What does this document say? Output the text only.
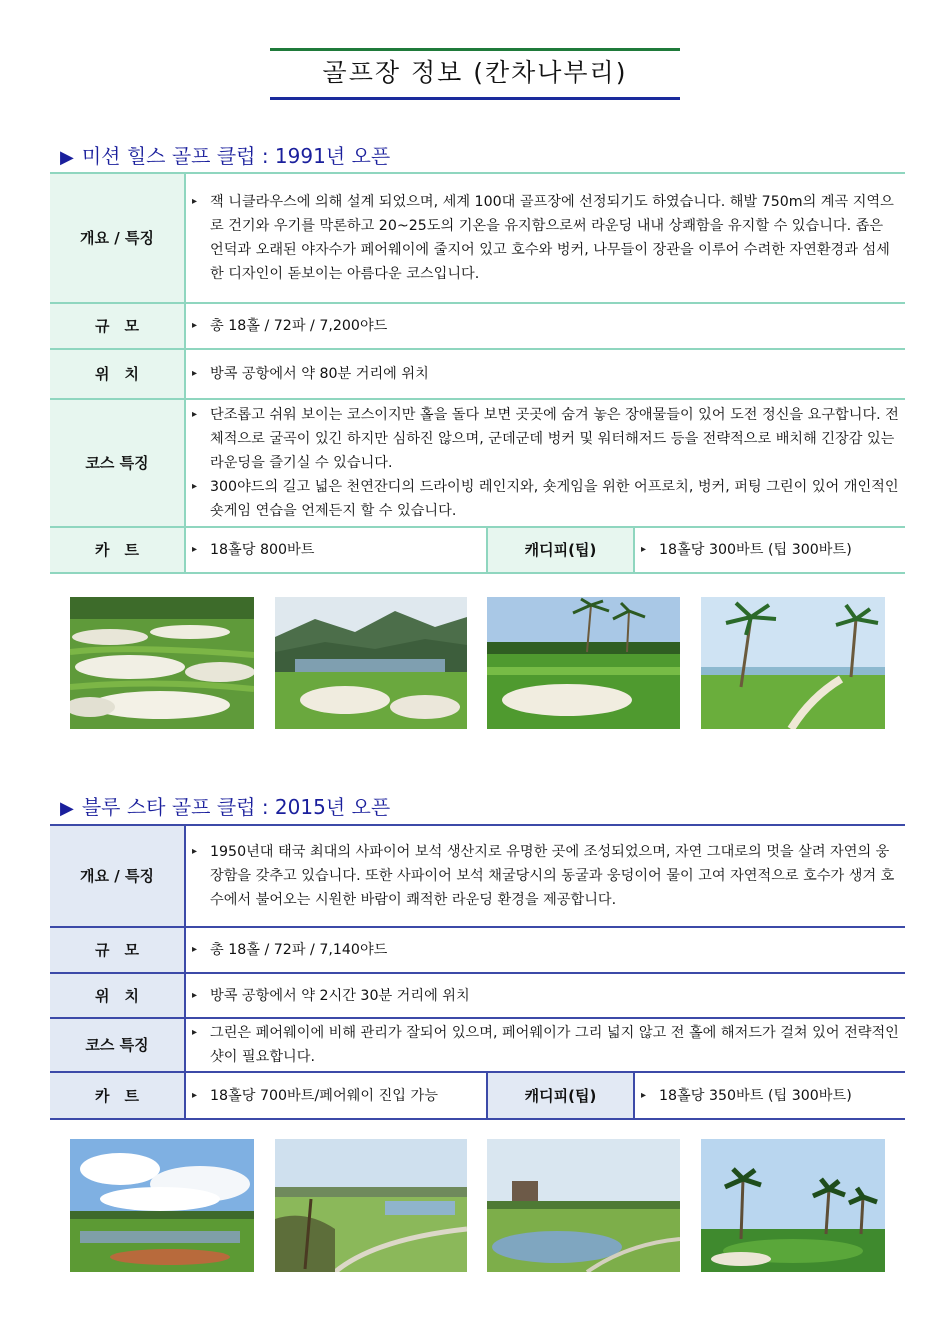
골프장 정보 (칸차나부리)
▶ 미션 힐스 골프 클럽 : 1991년 오픈
개요 / 특징	▸ 잭 니클라우스에 의해 설계 되었으며, 세계 100대 골프장에 선정되기도 하였습니다. 해발 750m의 계곡 지역으로 건기와 우기를 막론하고 20~25도의 기온을 유지함으로써 라운딩 내내 상쾌함을 유지할 수 있습니다. 좁은 언덕과 오래된 야자수가 페어웨이에 줄지어 있고 호수와 벙커, 나무들이 장관을 이루어 수려한 자연환경과 섬세한 디자인이 돋보이는 아름다운 코스입니다.

규　모	▸ 총 18홀 / 72파 / 7,200야드

위　치	▸ 방콕 공항에서 약 80분 거리에 위치

코스 특징	▸ 단조롭고 쉬워 보이는 코스이지만 홀을 돌다 보면 곳곳에 숨겨 놓은 장애물들이 있어 도전 정신을 요구합니다. 전체적으로 굴곡이 있긴 하지만 심하진 않으며, 군데군데 벙커 및 워터해저드 등을 전략적으로 배치해 긴장감 있는 라운딩을 즐기실 수 있습니다.
▸ 300야드의 길고 넓은 천연잔디의 드라이빙 레인지와, 숏게임을 위한 어프로치, 벙커, 퍼팅 그린이 있어 개인적인 숏게임 연습을 언제든지 할 수 있습니다.

카　트	▸ 18홀당 800바트	캐디피(팁)	▸ 18홀당 300바트 (팁 300바트)
▶ 블루 스타 골프 클럽 : 2015년 오픈
개요 / 특징	▸ 1950년대 태국 최대의 사파이어 보석 생산지로 유명한 곳에 조성되었으며, 자연 그대로의 멋을 살려 자연의 웅장함을 갖추고 있습니다. 또한 사파이어 보석 채굴당시의 동굴과 웅덩이어 물이 고여 자연적으로 호수가 생겨 호수에서 불어오는 시원한 바람이 쾌적한 라운딩 환경을 제공합니다.

규　모	▸ 총 18홀 / 72파 / 7,140야드

위　치	▸ 방콕 공항에서 약 2시간 30분 거리에 위치

코스 특징	▸ 그린은 페어웨이에 비해 관리가 잘되어 있으며, 페어웨이가 그리 넓지 않고 전 홀에 해저드가 걸쳐 있어 전략적인 샷이 필요합니다.

카　트	▸ 18홀당 700바트/페어웨이 진입 가능	캐디피(팁)	▸ 18홀당 350바트 (팁 300바트)
